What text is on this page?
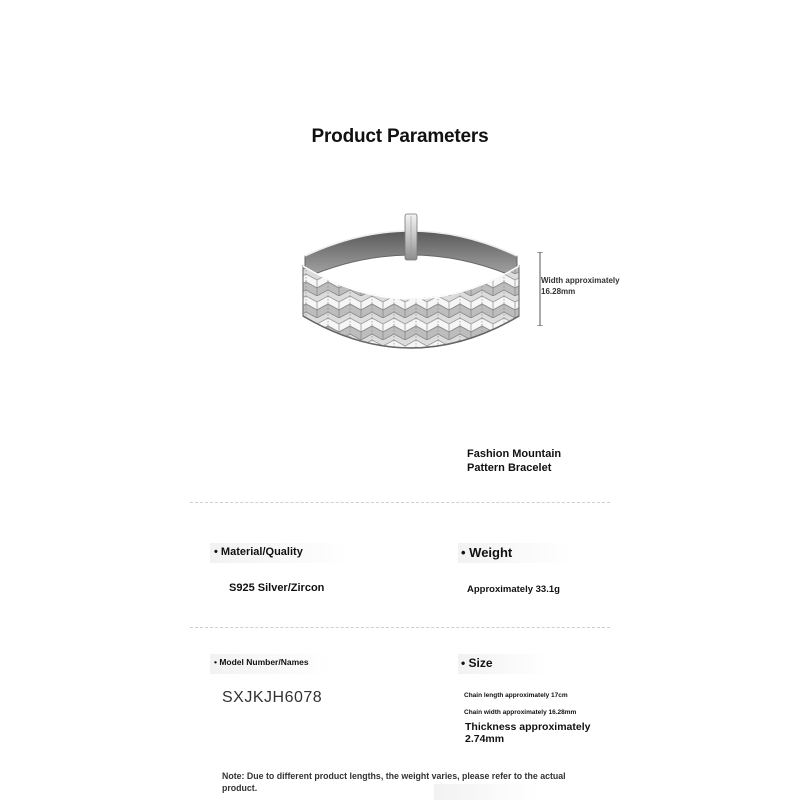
Product Parameters
Width approximately
16.28mm
Fashion Mountain
Pattern Bracelet
• Material/Quality
S925 Silver/Zircon
• Weight
Approximately 33.1g
• Model Number/Names
SXJKJH6078
• Size
Chain length approximately 17cm
Chain width approximately 16.28mm
Thickness approximately
2.74mm
Note: Due to different product lengths, the weight varies, please refer to the actual product.
